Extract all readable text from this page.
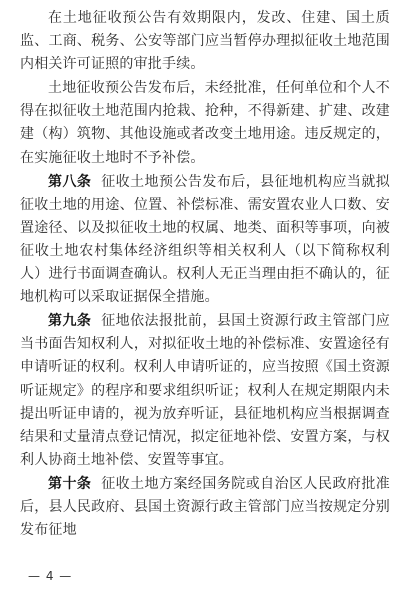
在土地征收预公告有效期限内，发改、住建、国土质监、工商、税务、公安等部门应当暂停办理拟征收土地范围内相关许可证照的审批手续。

土地征收预公告发布后，未经批准，任何单位和个人不得在拟征收土地范围内抢栽、抢种，不得新建、扩建、改建建（构）筑物、其他设施或者改变土地用途。违反规定的，在实施征收土地时不予补偿。

第八条 征收土地预公告发布后，县征地机构应当就拟征收土地的用途、位置、补偿标准、需安置农业人口数、安置途径、以及拟征收土地的权属、地类、面积等事项，向被征收土地农村集体经济组织等相关权利人（以下简称权利人）进行书面调查确认。权利人无正当理由拒不确认的，征地机构可以采取证据保全措施。

第九条 征地依法报批前，县国土资源行政主管部门应当书面告知权利人，对拟征收土地的补偿标准、安置途径有申请听证的权利。权利人申请听证的，应当按照《国土资源听证规定》的程序和要求组织听证；权利人在规定期限内未提出听证申请的，视为放弃听证，县征地机构应当根据调查结果和丈量清点登记情况，拟定征地补偿、安置方案，与权利人协商土地补偿、安置等事宜。

第十条 征收土地方案经国务院或自治区人民政府批准后，县人民政府、县国土资源行政主管部门应当按规定分别发布征地

— 4 —
